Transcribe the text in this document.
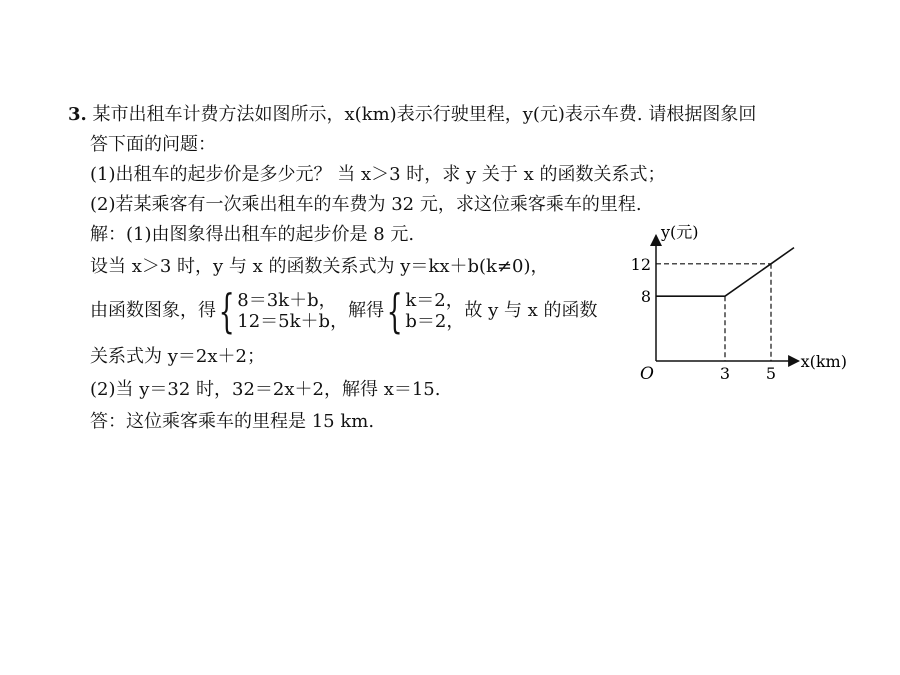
3. 某市出租车计费方法如图所示，x(km)表示行驶里程，y(元)表示车费. 请根据图象回
答下面的问题：
(1)出租车的起步价是多少元？ 当 x＞3 时，求 y 关于 x 的函数关系式；
(2)若某乘客有一次乘出租车的车费为 32 元，求这位乘客乘车的里程.
解：(1)由图象得出租车的起步价是 8 元.
设当 x＞3 时，y 与 x 的函数关系式为 y＝kx＋b(k≠0)，
由函数图象，得{ 8＝3k＋b，
12＝5k＋b，
解得{ k＝2，
b＝2，
故 y 与 x 的函数
关系式为 y＝2x＋2；
(2)当 y＝32 时，32＝2x＋2，解得 x＝15.
答：这位乘客乘车的里程是 15 km.
y(元)
x(km)
O	3 5
8
12
